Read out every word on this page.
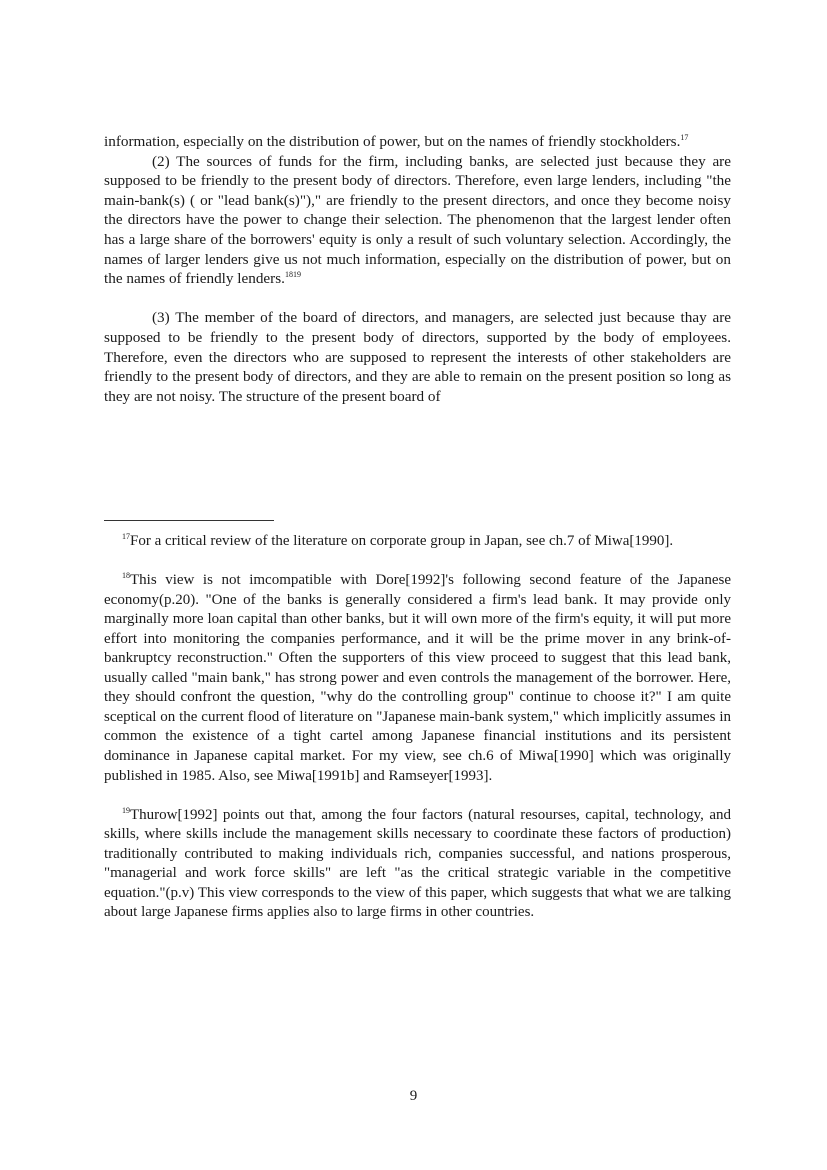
information, especially on the distribution of power, but on the names of friendly stockholders.$^{17}$

(2) The sources of funds for the firm, including banks, are selected just because they are supposed to be friendly to the present body of directors. Therefore, even large lenders, including "the main-bank(s) ( or "lead bank(s)")," are friendly to the present directors, and once they become noisy the directors have the power to change their selection. The phenomenon that the largest lender often has a large share of the borrowers' equity is only a result of such voluntary selection. Accordingly, the names of larger lenders give us not much information, especially on the distribution of power, but on the names of friendly lenders.$^{1819}$

(3) The member of the board of directors, and managers, are selected just because thay are supposed to be friendly to the present body of directors, supported by the body of employees. Therefore, even the directors who are supposed to represent the interests of other stakeholders are friendly to the present body of directors, and they are able to remain on the present position so long as they are not noisy. The structure of the present board of

$^{17}$For a critical review of the literature on corporate group in Japan, see ch.7 of Miwa[1990].

$^{18}$This view is not imcompatible with Dore[1992]'s following second feature of the Japanese economy(p.20). "One of the banks is generally considered a firm's lead bank. It may provide only marginally more loan capital than other banks, but it will own more of the firm's equity, it will put more effort into monitoring the companies performance, and it will be the prime mover in any brink-of-bankruptcy reconstruction." Often the supporters of this view proceed to suggest that this lead bank, usually called "main bank," has strong power and even controls the management of the borrower. Here, they should confront the question, "why do the controlling group" continue to choose it?" I am quite sceptical on the current flood of literature on "Japanese main-bank system," which implicitly assumes in common the existence of a tight cartel among Japanese financial institutions and its persistent dominance in Japanese capital market. For my view, see ch.6 of Miwa[1990] which was originally published in 1985. Also, see Miwa[1991b] and Ramseyer[1993].

$^{19}$Thurow[1992] points out that, among the four factors (natural resourses, capital, technology, and skills, where skills include the management skills necessary to coordinate these factors of production) traditionally contributed to making individuals rich, companies successful, and nations prosperous, "managerial and work force skills" are left "as the critical strategic variable in the competitive equation."(p.v) This view corresponds to the view of this paper, which suggests that what we are talking about large Japanese firms applies also to large firms in other countries.

9
